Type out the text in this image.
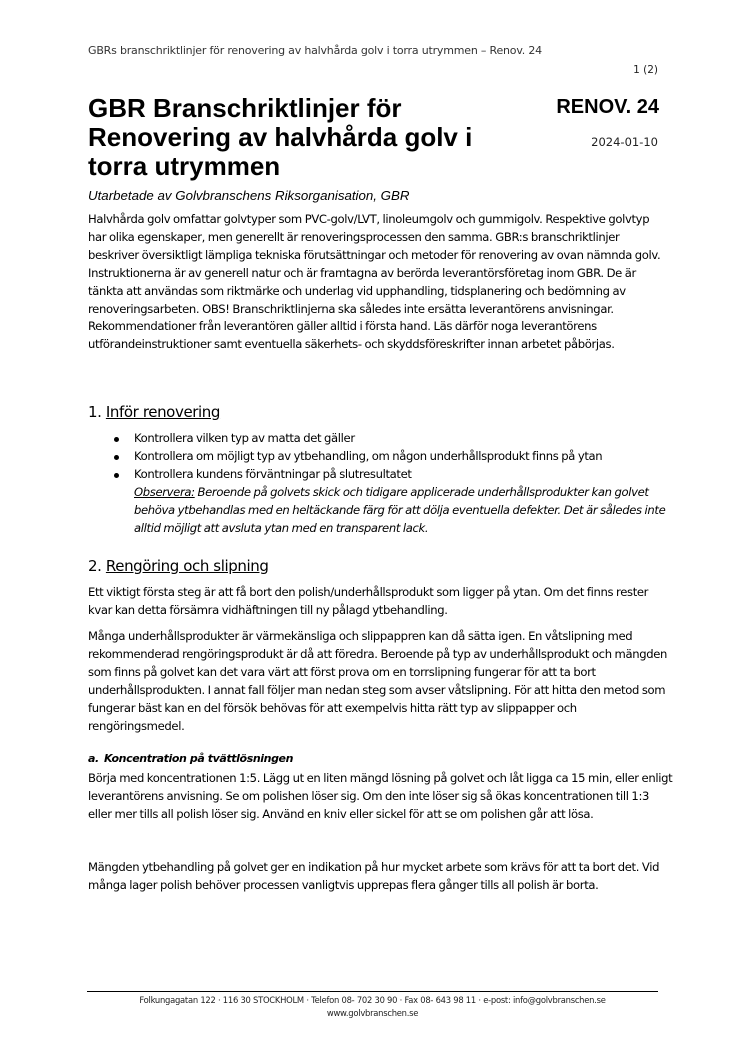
GBRs branschriktlinjer för renovering av halvhårda golv i torra utrymmen – Renov. 24
1 (2)
GBR Branschriktlinjer för Renovering av halvhårda golv i torra utrymmen
RENOV. 24
2024-01-10
Utarbetade av Golvbranschens Riksorganisation, GBR

Halvhårda golv omfattar golvtyper som PVC-golv/LVT, linoleumgolv och gummigolv. Respektive golvtyp har olika egenskaper, men generellt är renoveringsprocessen den samma. GBR:s branschriktlinjer beskriver översiktligt lämpliga tekniska förutsättningar och metoder för renovering av ovan nämnda golv. Instruktionerna är av generell natur och är framtagna av berörda leverantörsföretag inom GBR. De är tänkta att användas som riktmärke och underlag vid upphandling, tidsplanering och bedömning av renoveringsarbeten. OBS! Branschriktlinjerna ska således inte ersätta leverantörens anvisningar. Rekommendationer från leverantören gäller alltid i första hand. Läs därför noga leverantörens utförandeinstruktioner samt eventuella säkerhets- och skyddsföreskrifter innan arbetet påbörjas.

1. Inför renovering
Kontrollera vilken typ av matta det gäller
Kontrollera om möjligt typ av ytbehandling, om någon underhållsprodukt finns på ytan
Kontrollera kundens förväntningar på slutresultatet
Observera: Beroende på golvets skick och tidigare applicerade underhållsprodukter kan golvet behöva ytbehandlas med en heltäckande färg för att dölja eventuella defekter. Det är således inte alltid möjligt att avsluta ytan med en transparent lack.
2. Rengöring och slipning

Ett viktigt första steg är att få bort den polish/underhållsprodukt som ligger på ytan. Om det finns rester kvar kan detta försämra vidhäftningen till ny pålagd ytbehandling.

Många underhållsprodukter är värmekänsliga och slippappren kan då sätta igen. En våtslipning med rekommenderad rengöringsprodukt är då att föredra. Beroende på typ av underhållsprodukt och mängden som finns på golvet kan det vara värt att först prova om en torrslipning fungerar för att ta bort underhållsprodukten. I annat fall följer man nedan steg som avser våtslipning. För att hitta den metod som fungerar bäst kan en del försök behövas för att exempelvis hitta rätt typ av slippapper och rengöringsmedel.

a. Koncentration på tvättlösningen

Börja med koncentrationen 1:5. Lägg ut en liten mängd lösning på golvet och låt ligga ca 15 min, eller enligt leverantörens anvisning. Se om polishen löser sig. Om den inte löser sig så ökas koncentrationen till 1:3 eller mer tills all polish löser sig. Använd en kniv eller sickel för att se om polishen går att lösa.

Mängden ytbehandling på golvet ger en indikation på hur mycket arbete som krävs för att ta bort det. Vid många lager polish behöver processen vanligtvis upprepas flera gånger tills all polish är borta.

Folkungagatan 122 · 116 30 STOCKHOLM · Telefon 08- 702 30 90 · Fax 08- 643 98 11 · e-post: info@golvbranschen.se
www.golvbranschen.se
